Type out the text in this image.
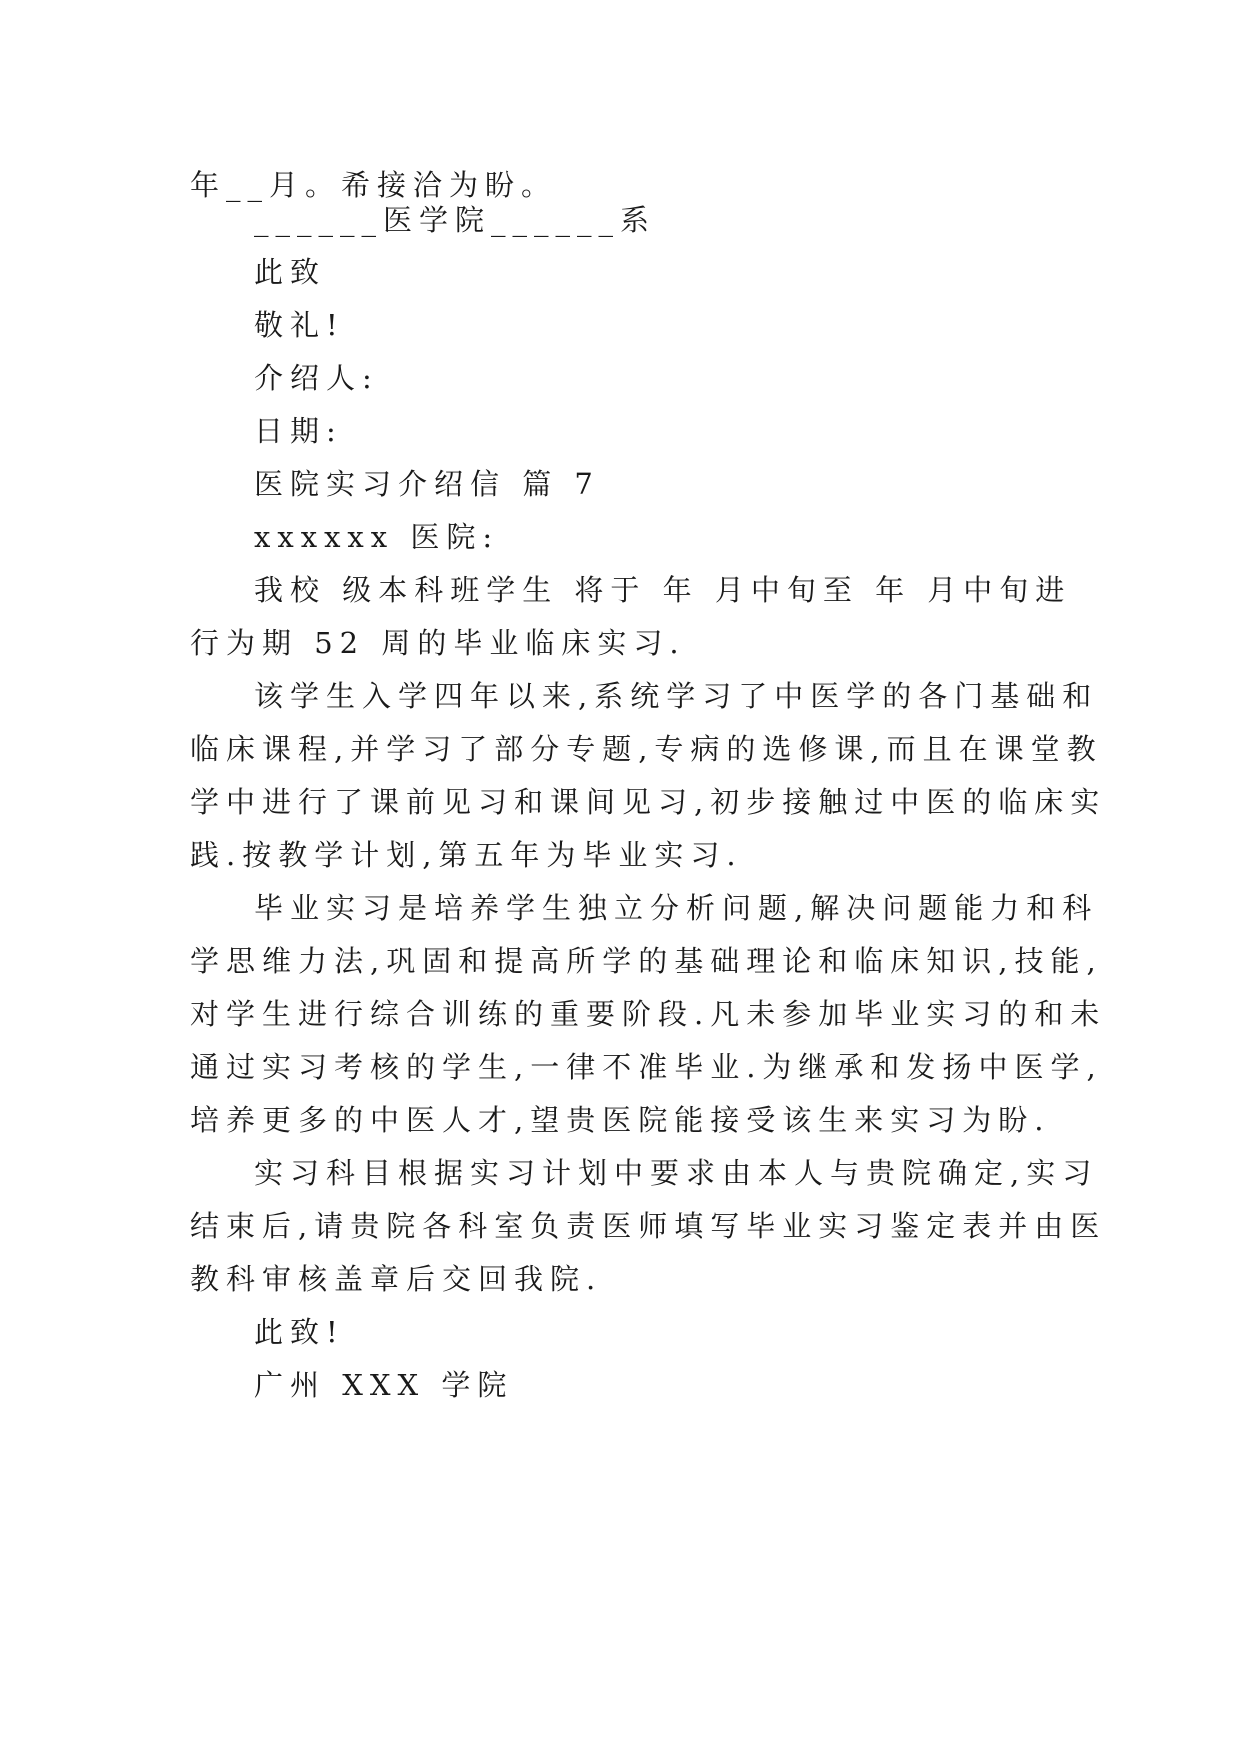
年__月。希接洽为盼。
______医学院______系
此致
敬礼!
介绍人:
日期:
医院实习介绍信 篇 7
xxxxxx 医院:
我校 级本科班学生 将于 年 月中旬至 年 月中旬进
行为期 52 周的毕业临床实习.
该学生入学四年以来,系统学习了中医学的各门基础和
临床课程,并学习了部分专题,专病的选修课,而且在课堂教
学中进行了课前见习和课间见习,初步接触过中医的临床实
践.按教学计划,第五年为毕业实习.
毕业实习是培养学生独立分析问题,解决问题能力和科
学思维力法,巩固和提高所学的基础理论和临床知识,技能,
对学生进行综合训练的重要阶段.凡未参加毕业实习的和未
通过实习考核的学生,一律不准毕业.为继承和发扬中医学,
培养更多的中医人才,望贵医院能接受该生来实习为盼.
实习科目根据实习计划中要求由本人与贵院确定,实习
结束后,请贵院各科室负责医师填写毕业实习鉴定表并由医
教科审核盖章后交回我院.
此致!
广州 XXX 学院
